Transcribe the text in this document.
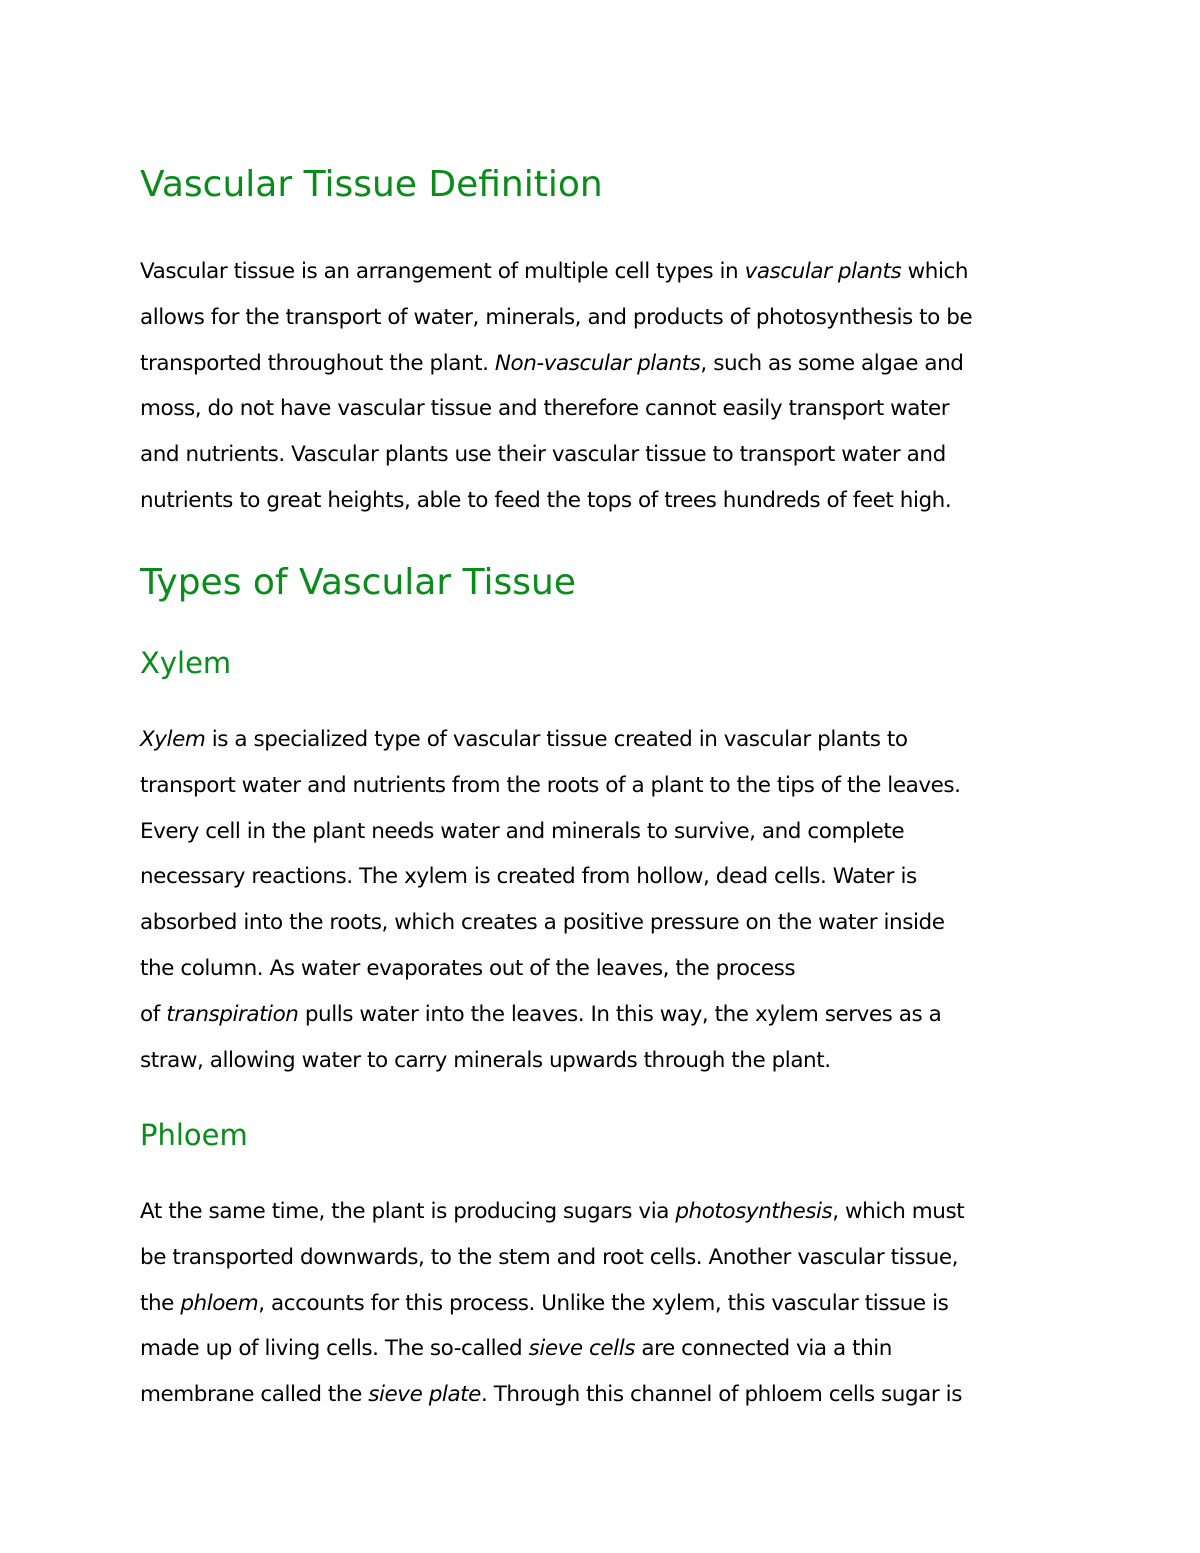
Vascular Tissue Definition

Vascular tissue is an arrangement of multiple cell types in vascular plants which
allows for the transport of water, minerals, and products of photosynthesis to be
transported throughout the plant. Non-vascular plants, such as some algae and
moss, do not have vascular tissue and therefore cannot easily transport water
and nutrients. Vascular plants use their vascular tissue to transport water and
nutrients to great heights, able to feed the tops of trees hundreds of feet high.

Types of Vascular Tissue
Xylem

Xylem is a specialized type of vascular tissue created in vascular plants to
transport water and nutrients from the roots of a plant to the tips of the leaves.
Every cell in the plant needs water and minerals to survive, and complete
necessary reactions. The xylem is created from hollow, dead cells. Water is
absorbed into the roots, which creates a positive pressure on the water inside
the column. As water evaporates out of the leaves, the process
of transpiration pulls water into the leaves. In this way, the xylem serves as a
straw, allowing water to carry minerals upwards through the plant.

Phloem

At the same time, the plant is producing sugars via photosynthesis, which must
be transported downwards, to the stem and root cells. Another vascular tissue,
the phloem, accounts for this process. Unlike the xylem, this vascular tissue is
made up of living cells. The so-called sieve cells are connected via a thin
membrane called the sieve plate. Through this channel of phloem cells sugar is
